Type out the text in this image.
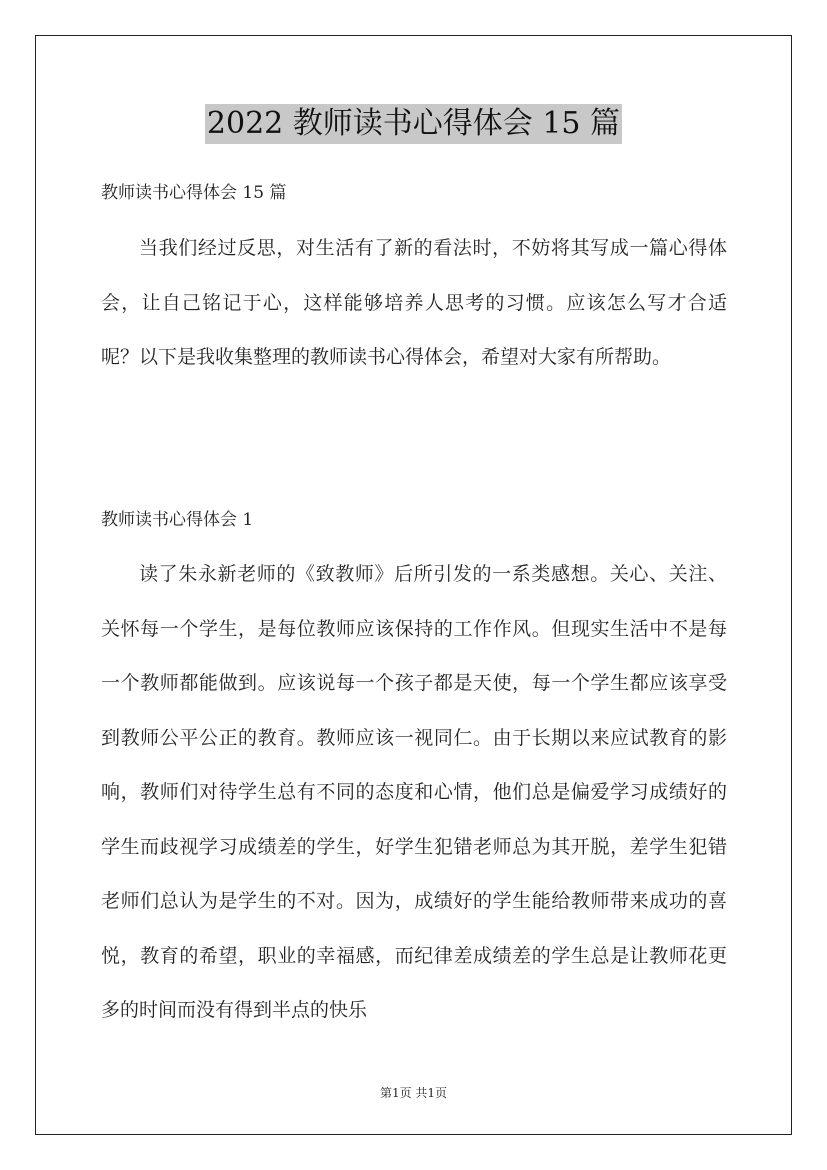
2022 教师读书心得体会 15 篇
教师读书心得体会 15 篇

当我们经过反思，对生活有了新的看法时，不妨将其写成一篇心得体会，让自己铭记于心，这样能够培养人思考的习惯。应该怎么写才合适呢？以下是我收集整理的教师读书心得体会，希望对大家有所帮助。

教师读书心得体会 1

读了朱永新老师的《致教师》后所引发的一系类感想。关心、关注、关怀每一个学生，是每位教师应该保持的工作作风。但现实生活中不是每一个教师都能做到。应该说每一个孩子都是天使，每一个学生都应该享受到教师公平公正的教育。教师应该一视同仁。由于长期以来应试教育的影响，教师们对待学生总有不同的态度和心情，他们总是偏爱学习成绩好的学生而歧视学习成绩差的学生，好学生犯错老师总为其开脱，差学生犯错老师们总认为是学生的不对。因为，成绩好的学生能给教师带来成功的喜悦，教育的希望，职业的幸福感，而纪律差成绩差的学生总是让教师花更多的时间而没有得到半点的快乐

第1页 共1页
